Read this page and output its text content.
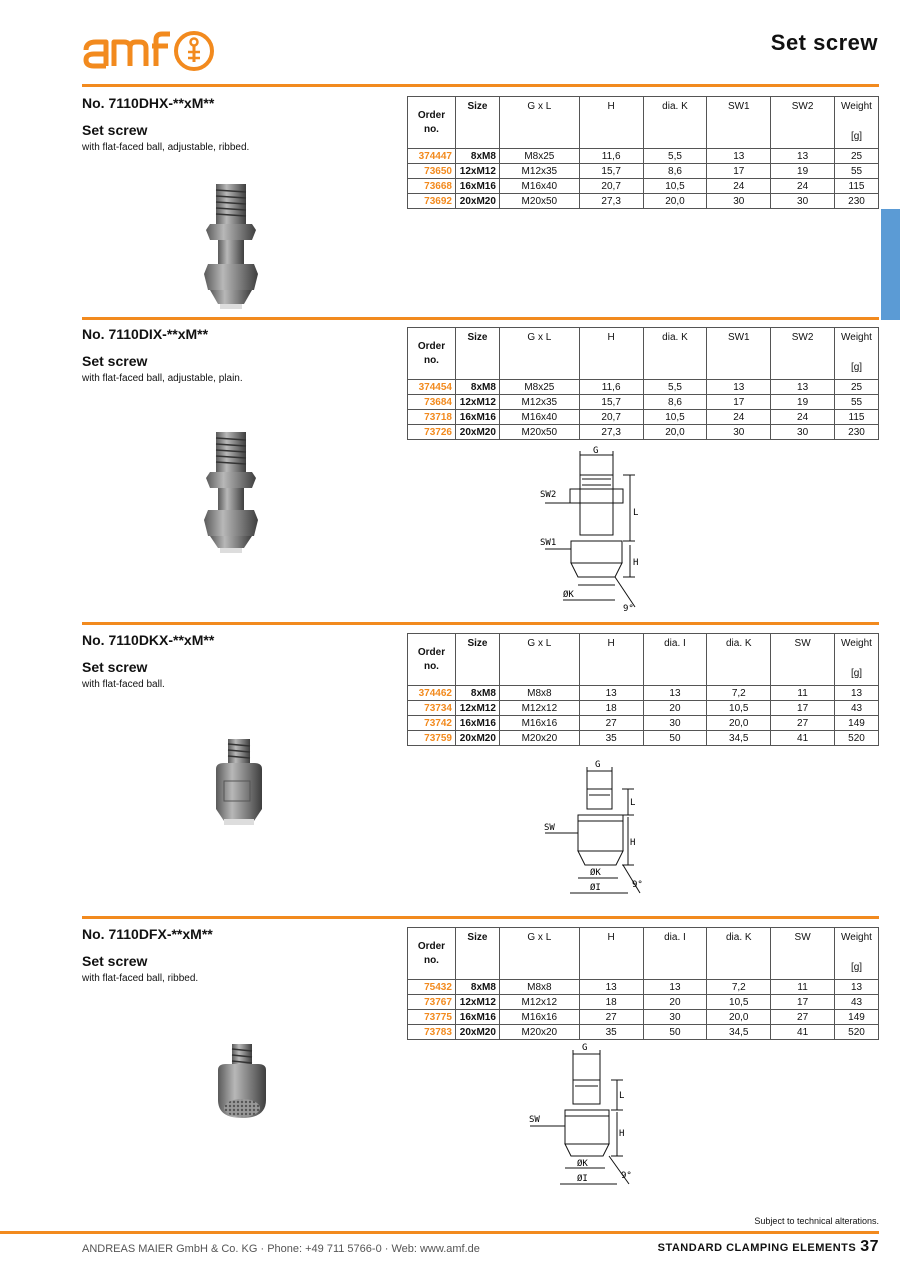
Set screw
No. 7110DHX-**xM**
Set screw
with flat-faced ball, adjustable, ribbed.
Order no.	Size	G x L	H	dia. K	SW1	SW2	Weight
[g]

374447	8xM8	M8x25	11,6	5,5	13	13	25
73650	12xM12	M12x35	15,7	8,6	17	19	55
73668	16xM16	M16x40	20,7	10,5	24	24	115
73692	20xM20	M20x50	27,3	20,0	30	30	230
No. 7110DIX-**xM**
Set screw
with flat-faced ball, adjustable, plain.
Order no.	Size	G x L	H	dia. K	SW1	SW2	Weight
[g]

374454	8xM8	M8x25	11,6	5,5	13	13	25
73684	12xM12	M12x35	15,7	8,6	17	19	55
73718	16xM16	M16x40	20,7	10,5	24	24	115
73726	20xM20	M20x50	27,3	20,0	30	30	230
G
SW2
L
SW1
H
ØK
9°
No. 7110DKX-**xM**
Set screw
with flat-faced ball.
Order no.	Size	G x L	H	dia. I	dia. K	SW	Weight
[g]

374462	8xM8	M8x8	13	13	7,2	11	13
73734	12xM12	M12x12	18	20	10,5	17	43
73742	16xM16	M16x16	27	30	20,0	27	149
73759	20xM20	M20x20	35	50	34,5	41	520
G
L
SW
H
ØK
ØI	9°
No. 7110DFX-**xM**
Set screw
with flat-faced ball, ribbed.
Order no.	Size	G x L	H	dia. I	dia. K	SW	Weight
[g]

75432	8xM8	M8x8	13	13	7,2	11	13
73767	12xM12	M12x12	18	20	10,5	17	43
73775	16xM16	M16x16	27	30	20,0	27	149
73783	20xM20	M20x20	35	50	34,5	41	520
G
L
SW
H
ØK
ØI	9°
Subject to technical alterations.
ANDREAS MAIER GmbH & Co. KG · Phone: +49 711 5766-0 · Web: www.amf.de	STANDARD CLAMPING ELEMENTS 37
